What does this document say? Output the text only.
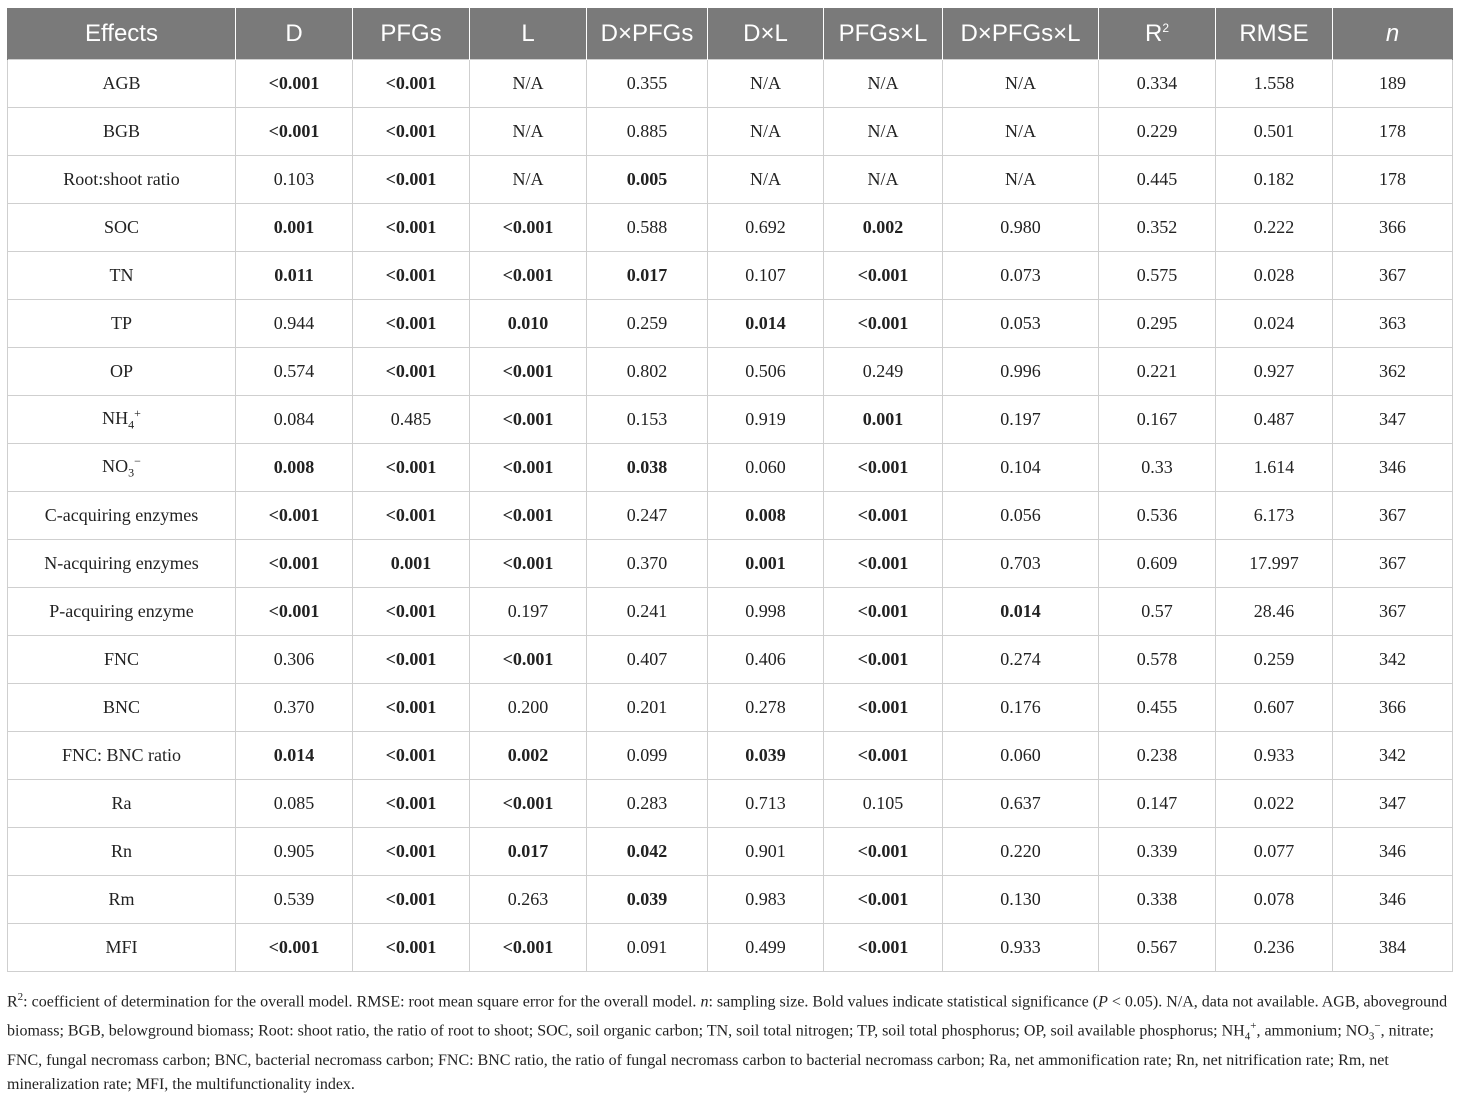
Effects	D	PFGs	L	D×PFGs	D×L	PFGs×L	D×PFGs×L	$R^2$	RMSE	n
AGB	<0.001	<0.001	N/A	0.355	N/A	N/A	N/A	0.334	1.558	189
BGB	<0.001	<0.001	N/A	0.885	N/A	N/A	N/A	0.229	0.501	178
Root:shoot ratio	0.103	<0.001	N/A	0.005	N/A	N/A	N/A	0.445	0.182	178
SOC	0.001	<0.001	<0.001	0.588	0.692	0.002	0.980	0.352	0.222	366
TN	0.011	<0.001	<0.001	0.017	0.107	<0.001	0.073	0.575	0.028	367
TP	0.944	<0.001	0.010	0.259	0.014	<0.001	0.053	0.295	0.024	363
OP	0.574	<0.001	<0.001	0.802	0.506	0.249	0.996	0.221	0.927	362
$NH_4^+$	0.084	0.485	<0.001	0.153	0.919	0.001	0.197	0.167	0.487	347
$NO_3^-$	0.008	<0.001	<0.001	0.038	0.060	<0.001	0.104	0.33	1.614	346
C-acquiring enzymes	<0.001	<0.001	<0.001	0.247	0.008	<0.001	0.056	0.536	6.173	367
N-acquiring enzymes	<0.001	0.001	<0.001	0.370	0.001	<0.001	0.703	0.609	17.997	367
P-acquiring enzyme	<0.001	<0.001	0.197	0.241	0.998	<0.001	0.014	0.57	28.46	367
FNC	0.306	<0.001	<0.001	0.407	0.406	<0.001	0.274	0.578	0.259	342
BNC	0.370	<0.001	0.200	0.201	0.278	<0.001	0.176	0.455	0.607	366
FNC: BNC ratio	0.014	<0.001	0.002	0.099	0.039	<0.001	0.060	0.238	0.933	342
Ra	0.085	<0.001	<0.001	0.283	0.713	0.105	0.637	0.147	0.022	347
Rn	0.905	<0.001	0.017	0.042	0.901	<0.001	0.220	0.339	0.077	346
Rm	0.539	<0.001	0.263	0.039	0.983	<0.001	0.130	0.338	0.078	346
MFI	<0.001	<0.001	<0.001	0.091	0.499	<0.001	0.933	0.567	0.236	384
$R^2$: coefficient of determination for the overall model. RMSE: root mean square error for the overall model. n: sampling size. Bold values indicate statistical significance (P < 0.05). N/A, data not available. AGB, aboveground biomass; BGB, belowground biomass; Root: shoot ratio, the ratio of root to shoot; SOC, soil organic carbon; TN, soil total nitrogen; TP, soil total phosphorus; OP, soil available phosphorus; $NH_4^+$, ammonium; $NO_3^-$, nitrate; FNC, fungal necromass carbon; BNC, bacterial necromass carbon; FNC: BNC ratio, the ratio of fungal necromass carbon to bacterial necromass carbon; Ra, net ammonification rate; Rn, net nitrification rate; Rm, net mineralization rate; MFI, the multifunctionality index.
